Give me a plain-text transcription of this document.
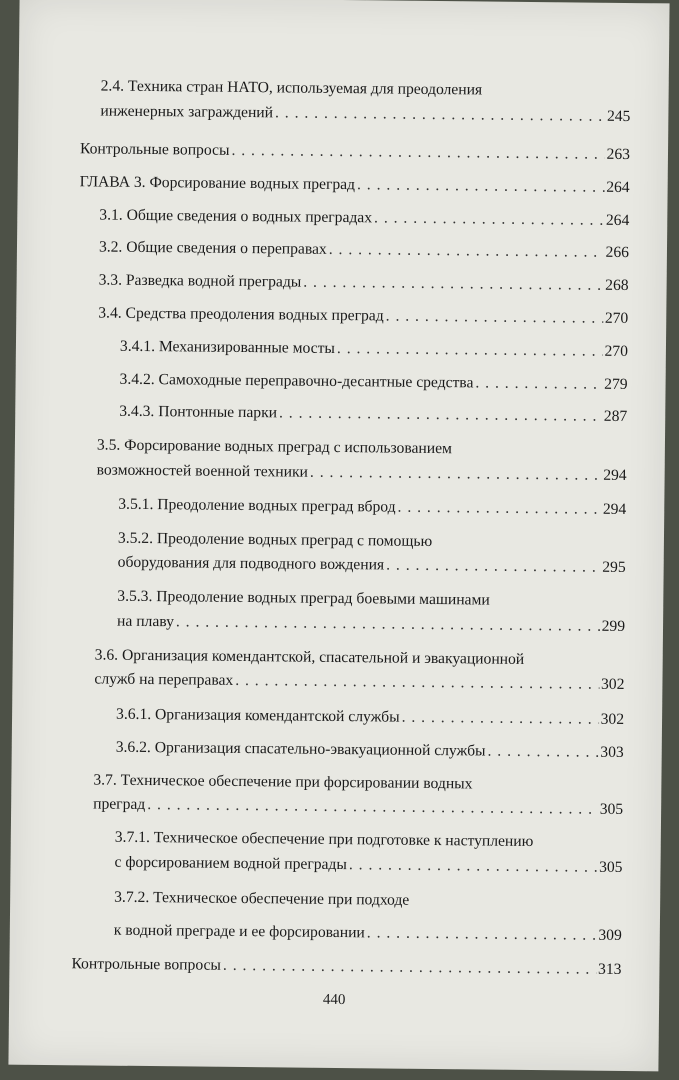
2.4. Техника стран НАТО, используемая для преодоления
инженерных заграждений . . .	245
Контрольные вопросы . . .	263
ГЛАВА 3. Форсирование водных преград . . .	264
3.1. Общие сведения о водных преградах . . .	264
3.2. Общие сведения о переправах . . .	266
3.3. Разведка водной преграды . . .	268
3.4. Средства преодоления водных преград . . .	270
3.4.1. Механизированные мосты . . .	270
3.4.2. Самоходные переправочно-десантные средства . . .	279
3.4.3. Понтонные парки . . .	287
3.5. Форсирование водных преград с использованием
возможностей военной техники . . .	294
3.5.1. Преодоление водных преград вброд . . .	294
3.5.2. Преодоление водных преград с помощью
оборудования для подводного вождения . . .	295
3.5.3. Преодоление водных преград боевыми машинами
на плаву . . .	299
3.6. Организация комендантской, спасательной и эвакуационной
служб на переправах . . .	302
3.6.1. Организация комендантской службы . . .	302
3.6.2. Организация спасательно-эвакуационной службы . . .	303
3.7. Техническое обеспечение при форсировании водных
преград . . .	305
3.7.1. Техническое обеспечение при подготовке к наступлению
с форсированием водной преграды . . .	305
3.7.2. Техническое обеспечение при подходе
к водной преграде и ее форсировании . . .	309
Контрольные вопросы . . .	313
440
